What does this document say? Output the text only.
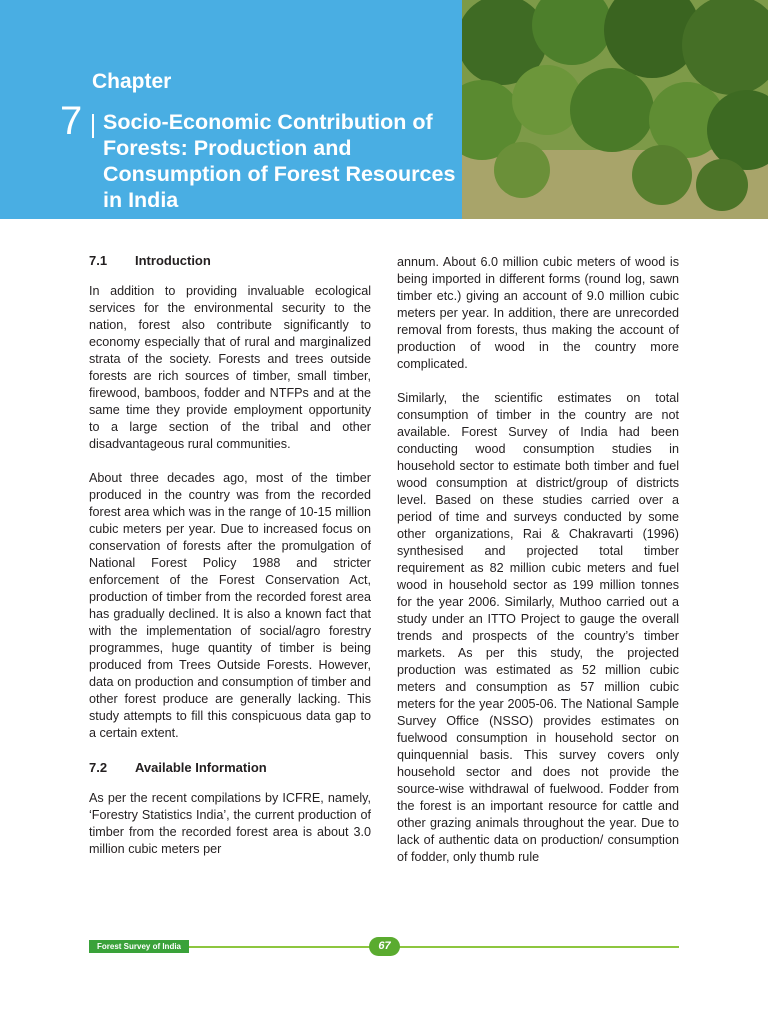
Chapter
7 Socio-Economic Contribution of Forests: Production and Consumption of Forest Resources in India
7.1	Introduction

In addition to providing invaluable ecological services for the environmental security to the nation, forest also contribute significantly to economy especially that of rural and marginalized strata of the society. Forests and trees outside forests are rich sources of timber, small timber, firewood, bamboos, fodder and NTFPs and at the same time they provide employment opportunity to a large section of the tribal and other disadvantageous rural communities.

About three decades ago, most of the timber produced in the country was from the recorded forest area which was in the range of 10-15 million cubic meters per year. Due to increased focus on conservation of forests after the promulgation of National Forest Policy 1988 and stricter enforcement of the Forest Conservation Act, production of timber from the recorded forest area has gradually declined. It is also a known fact that with the implementation of social/agro forestry programmes, huge quantity of timber is being produced from Trees Outside Forests. However, data on production and consumption of timber and other forest produce are generally lacking. This study attempts to fill this conspicuous data gap to a certain extent.

7.2	Available Information

As per the recent compilations by ICFRE, namely, ‘Forestry Statistics India’, the current production of timber from the recorded forest area is about 3.0 million cubic meters per

annum. About 6.0 million cubic meters of wood is being imported in different forms (round log, sawn timber etc.) giving an account of 9.0 million cubic meters per year. In addition, there are unrecorded removal from forests, thus making the account of production of wood in the country more complicated.

Similarly, the scientific estimates on total consumption of timber in the country are not available. Forest Survey of India had been conducting wood consumption studies in household sector to estimate both timber and fuel wood consumption at district/group of districts level. Based on these studies carried over a period of time and surveys conducted by some other organizations, Rai & Chakravarti (1996) synthesised and projected total timber requirement as 82 million cubic meters and fuel wood in household sector as 199 million tonnes for the year 2006. Similarly, Muthoo carried out a study under an ITTO Project to gauge the overall trends and prospects of the country’s timber markets. As per this study, the projected production was estimated as 52 million cubic meters and consumption as 57 million cubic meters for the year 2005-06. The National Sample Survey Office (NSSO) provides estimates on fuelwood consumption in household sector on quinquennial basis. This survey covers only household sector and does not provide the source-wise withdrawal of fuelwood. Fodder from the forest is an important resource for cattle and other grazing animals throughout the year. Due to lack of authentic data on production/ consumption of fodder, only thumb rule

Forest Survey of India	67
